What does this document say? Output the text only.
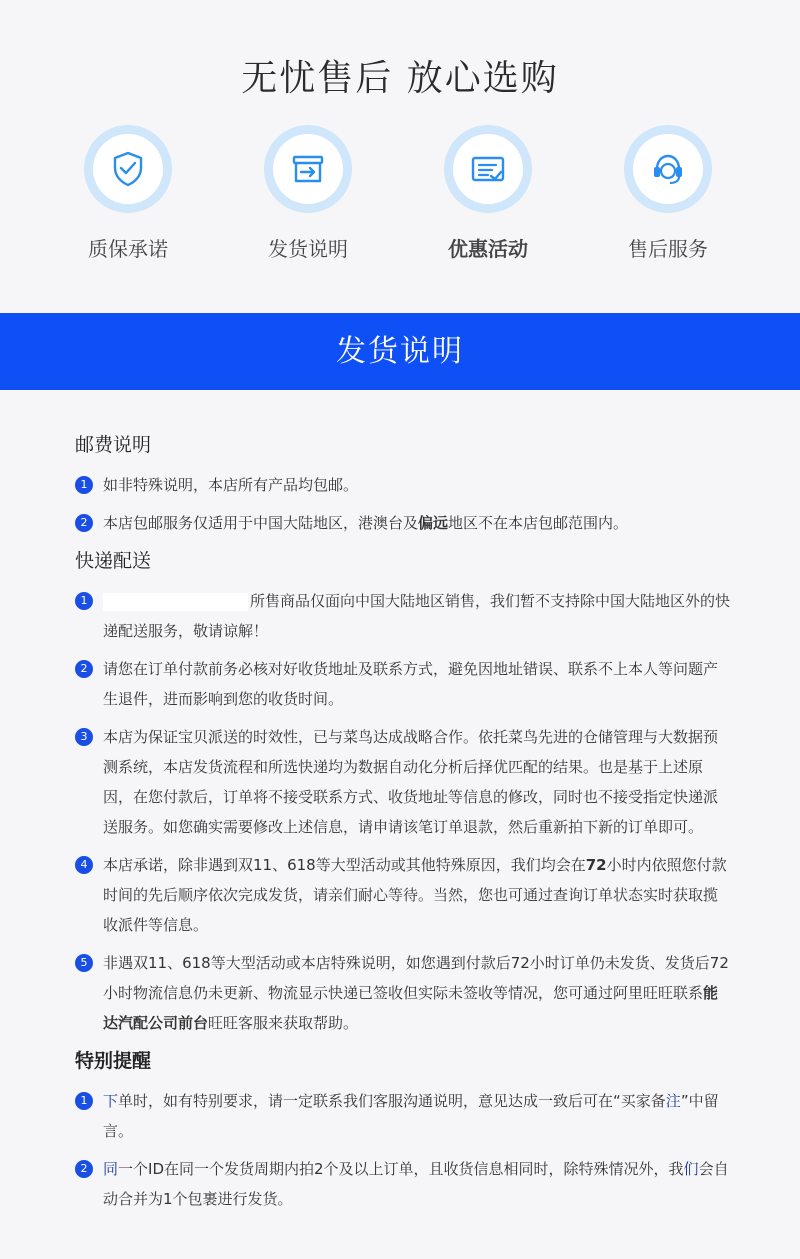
无忧售后 放心选购
质保承诺	发货说明	优惠活动	售后服务
发货说明
邮费说明
1	如非特殊说明，本店所有产品均包邮。
2	本店包邮服务仅适用于中国大陆地区，港澳台及偏远地区不在本店包邮范围内。
快递配送
1	所售商品仅面向中国大陆地区销售，我们暂不支持除中国大陆地区外的快递配送服务，敬请谅解！
2	请您在订单付款前务必核对好收货地址及联系方式，避免因地址错误、联系不上本人等问题产生退件，进而影响到您的收货时间。
3	本店为保证宝贝派送的时效性，已与菜鸟达成战略合作。依托菜鸟先进的仓储管理与大数据预测系统，本店发货流程和所选快递均为数据自动化分析后择优匹配的结果。也是基于上述原因，在您付款后，订单将不接受联系方式、收货地址等信息的修改，同时也不接受指定快递派送服务。如您确实需要修改上述信息，请申请该笔订单退款，然后重新拍下新的订单即可。
4	本店承诺，除非遇到双11、618等大型活动或其他特殊原因，我们均会在72小时内依照您付款时间的先后顺序依次完成发货，请亲们耐心等待。当然，您也可通过查询订单状态实时获取揽收派件等信息。
5	非遇双11、618等大型活动或本店特殊说明，如您遇到付款后72小时订单仍未发货、发货后72小时物流信息仍未更新、物流显示快递已签收但实际未签收等情况，您可通过阿里旺旺联系能达汽配公司前台旺旺客服来获取帮助。
特别提醒
1	下单时，如有特别要求，请一定联系我们客服沟通说明，意见达成一致后可在“买家备注”中留言。
2	同一个ID在同一个发货周期内拍2个及以上订单，且收货信息相同时，除特殊情况外，我们会自动合并为1个包裹进行发货。
